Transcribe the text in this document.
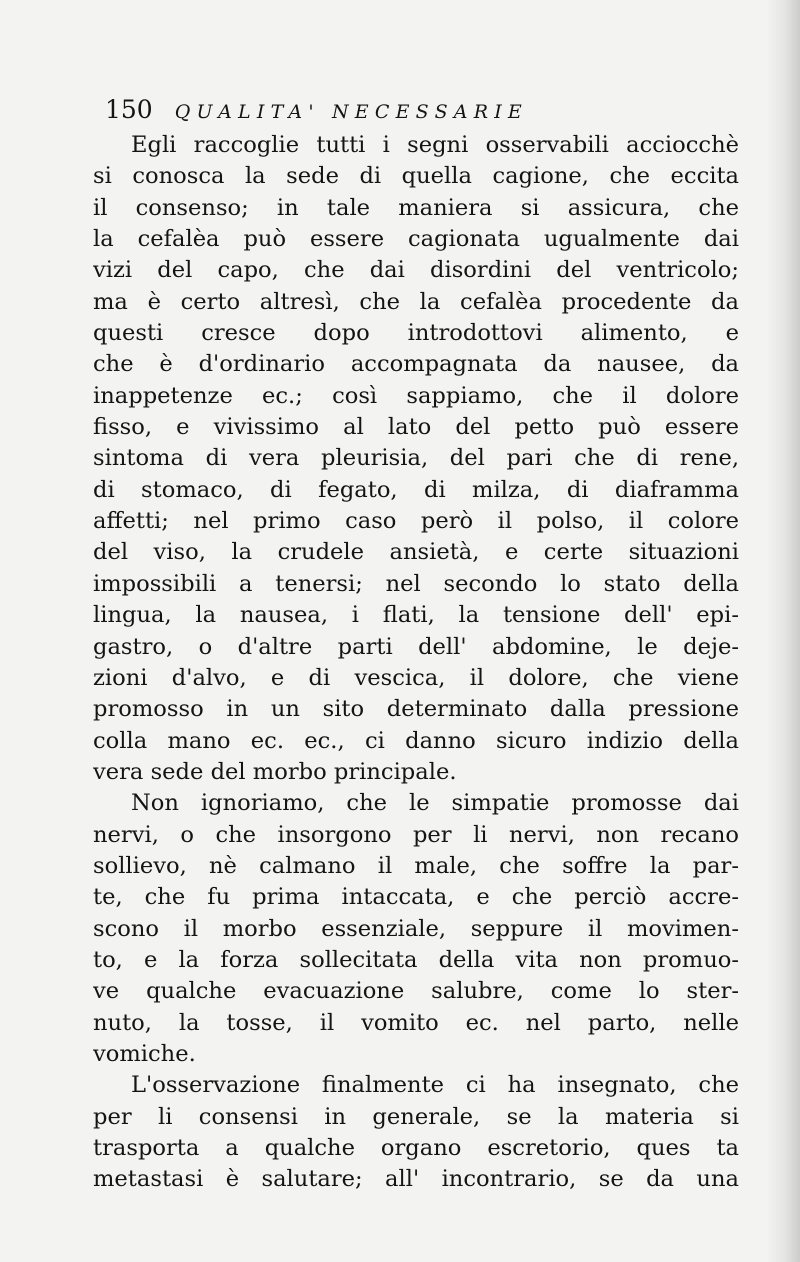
150 QUALITA' NECESSARIE
Egli raccoglie tutti i segni osservabili acciocchè
si conosca la sede di quella cagione, che eccita
il consenso; in tale maniera si assicura, che
la cefalèa può essere cagionata ugualmente dai
vizi del capo, che dai disordini del ventricolo;
ma è certo altresì, che la cefalèa procedente da
questi cresce dopo introdottovi alimento, e
che è d'ordinario accompagnata da nausee, da
inappetenze ec.; così sappiamo, che il dolore
fisso, e vivissimo al lato del petto può essere
sintoma di vera pleurisia, del pari che di rene,
di stomaco, di fegato, di milza, di diaframma
affetti; nel primo caso però il polso, il colore
del viso, la crudele ansietà, e certe situazioni
impossibili a tenersi; nel secondo lo stato della
lingua, la nausea, i flati, la tensione dell' epi-
gastro, o d'altre parti dell' abdomine, le deje-
zioni d'alvo, e di vescica, il dolore, che viene
promosso in un sito determinato dalla pressione
colla mano ec. ec., ci danno sicuro indizio della
vera sede del morbo principale.
Non ignoriamo, che le simpatie promosse dai
nervi, o che insorgono per li nervi, non recano
sollievo, nè calmano il male, che soffre la par-
te, che fu prima intaccata, e che perciò accre-
scono il morbo essenziale, seppure il movimen-
to, e la forza sollecitata della vita non promuo-
ve qualche evacuazione salubre, come lo ster-
nuto, la tosse, il vomito ec. nel parto, nelle
vomiche.
L'osservazione finalmente ci ha insegnato, che
per li consensi in generale, se la materia si
trasporta a qualche organo escretorio, ques ta
metastasi è salutare; all' incontrario, se da una
